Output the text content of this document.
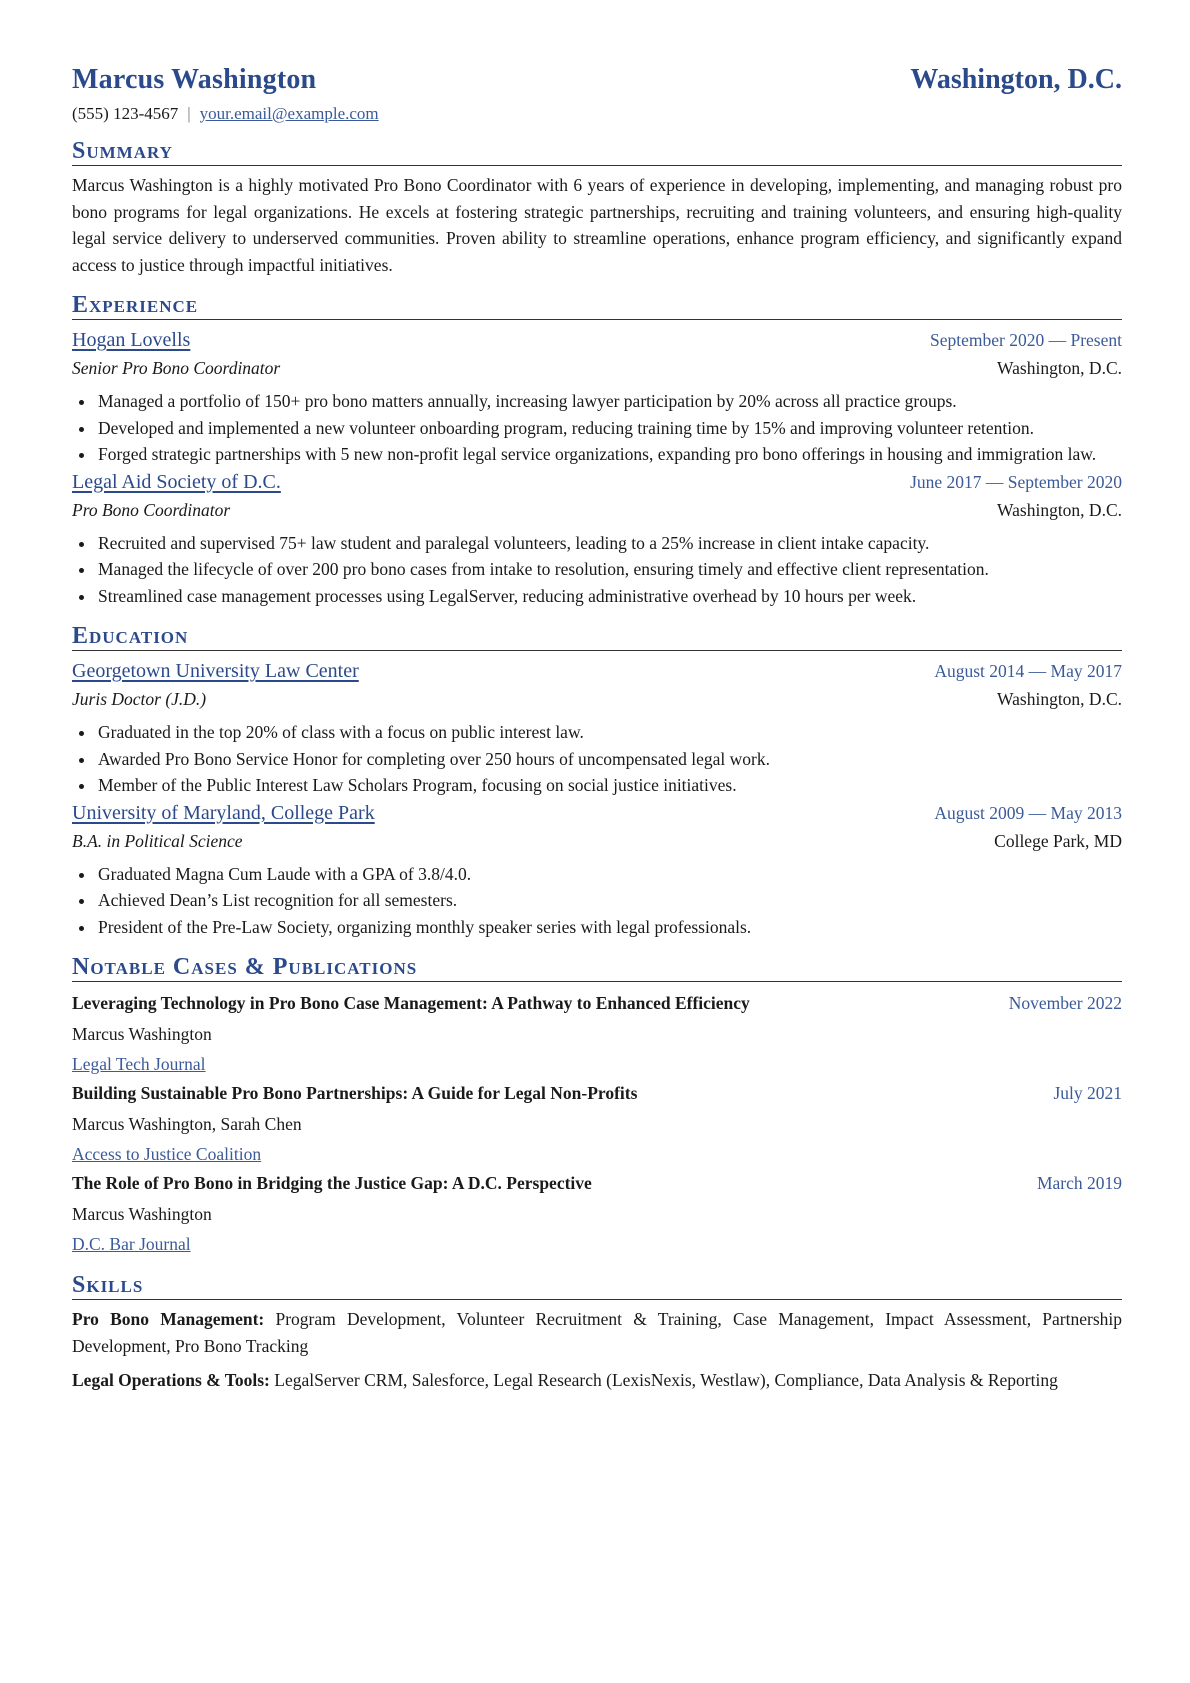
Marcus Washington	Washington, D.C.
(555) 123-4567 | your.email@example.com
Summary
Marcus Washington is a highly motivated Pro Bono Coordinator with 6 years of experience in developing, implementing, and managing robust pro bono programs for legal organizations. He excels at fostering strategic partnerships, recruiting and training volunteers, and ensuring high-quality legal service delivery to underserved communities. Proven ability to streamline operations, enhance program efficiency, and significantly expand access to justice through impactful initiatives.
Experience
Hogan Lovells	September 2020 — Present
Senior Pro Bono Coordinator	Washington, D.C.
• Managed a portfolio of 150+ pro bono matters annually, increasing lawyer participation by 20% across all practice groups.
• Developed and implemented a new volunteer onboarding program, reducing training time by 15% and improving volunteer retention.
• Forged strategic partnerships with 5 new non-profit legal service organizations, expanding pro bono offerings in housing and immigration law.
Legal Aid Society of D.C.	June 2017 — September 2020
Pro Bono Coordinator	Washington, D.C.
• Recruited and supervised 75+ law student and paralegal volunteers, leading to a 25% increase in client intake capacity.
• Managed the lifecycle of over 200 pro bono cases from intake to resolution, ensuring timely and effective client representation.
• Streamlined case management processes using LegalServer, reducing administrative overhead by 10 hours per week.
Education
Georgetown University Law Center	August 2014 — May 2017
Juris Doctor (J.D.)	Washington, D.C.
• Graduated in the top 20% of class with a focus on public interest law.
• Awarded Pro Bono Service Honor for completing over 250 hours of uncompensated legal work.
• Member of the Public Interest Law Scholars Program, focusing on social justice initiatives.
University of Maryland, College Park	August 2009 — May 2013
B.A. in Political Science	College Park, MD
• Graduated Magna Cum Laude with a GPA of 3.8/4.0.
• Achieved Dean’s List recognition for all semesters.
• President of the Pre-Law Society, organizing monthly speaker series with legal professionals.
Notable Cases & Publications
Leveraging Technology in Pro Bono Case Management: A Pathway to Enhanced Efficiency	November 2022
Marcus Washington
Legal Tech Journal
Building Sustainable Pro Bono Partnerships: A Guide for Legal Non-Profits	July 2021
Marcus Washington, Sarah Chen
Access to Justice Coalition
The Role of Pro Bono in Bridging the Justice Gap: A D.C. Perspective	March 2019
Marcus Washington
D.C. Bar Journal
Skills
Pro Bono Management: Program Development, Volunteer Recruitment & Training, Case Management, Impact Assessment, Partnership Development, Pro Bono Tracking
Legal Operations & Tools: LegalServer CRM, Salesforce, Legal Research (LexisNexis, Westlaw), Compliance, Data Analysis & Reporting
